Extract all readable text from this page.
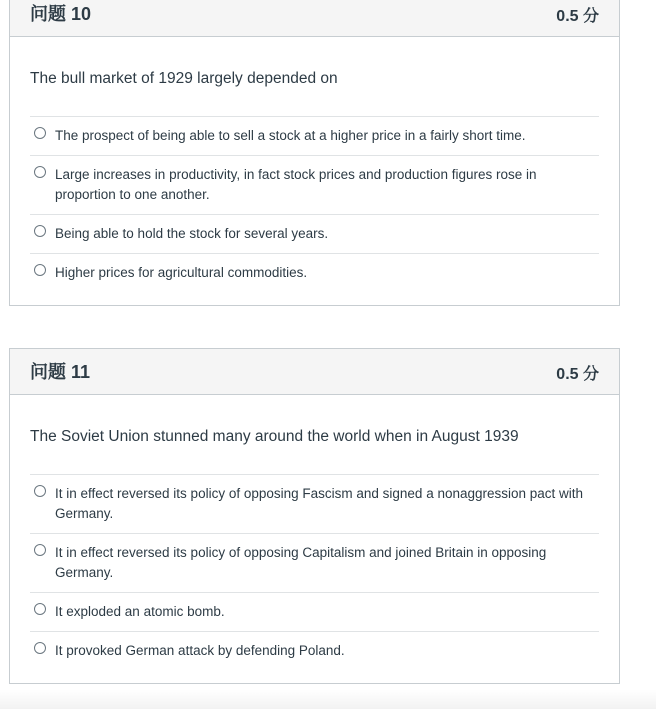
问题 10	0.5 分

The bull market of 1929 largely depended on

The prospect of being able to sell a stock at a higher price in a fairly short time.
Large increases in productivity, in fact stock prices and production figures rose in proportion to one another.
Being able to hold the stock for several years.
Higher prices for agricultural commodities.
问题 11	0.5 分

The Soviet Union stunned many around the world when in August 1939

It in effect reversed its policy of opposing Fascism and signed a nonaggression pact with Germany.
It in effect reversed its policy of opposing Capitalism and joined Britain in opposing Germany.
It exploded an atomic bomb.
It provoked German attack by defending Poland.
